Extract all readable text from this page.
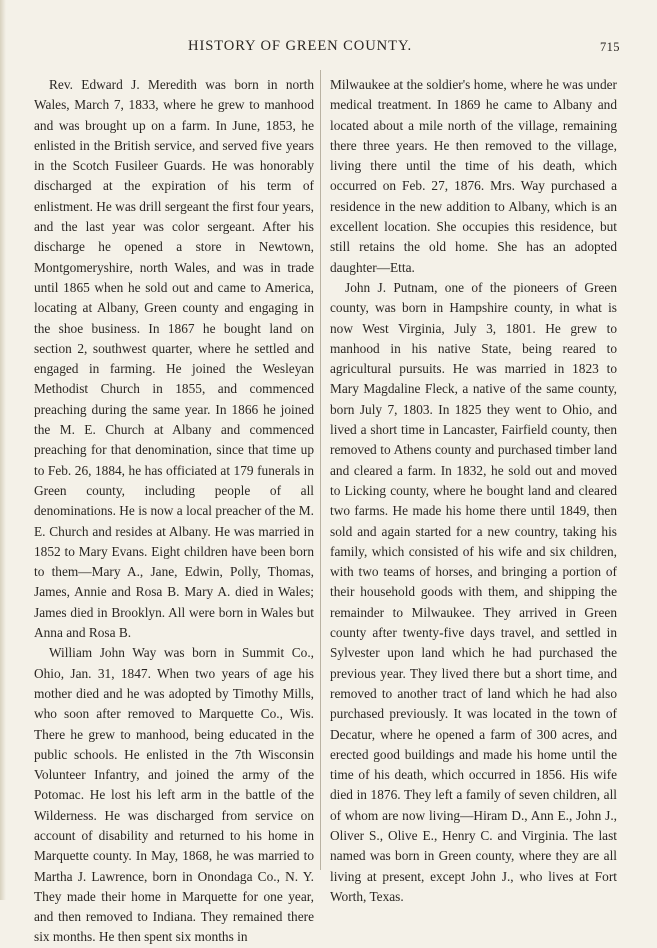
HISTORY OF GREEN COUNTY.	715

Rev. Edward J. Meredith was born in north Wales, March 7, 1833, where he grew to manhood and was brought up on a farm. In June, 1853, he enlisted in the British service, and served five years in the Scotch Fusileer Guards. He was honorably discharged at the expiration of his term of enlistment. He was drill sergeant the first four years, and the last year was color sergeant. After his discharge he opened a store in Newtown, Montgomeryshire, north Wales, and was in trade until 1865 when he sold out and came to America, locating at Albany, Green county and engaging in the shoe business. In 1867 he bought land on section 2, southwest quarter, where he settled and engaged in farming. He joined the Wesleyan Methodist Church in 1855, and commenced preaching during the same year. In 1866 he joined the M. E. Church at Albany and commenced preaching for that denomination, since that time up to Feb. 26, 1884, he has officiated at 179 funerals in Green county, including people of all denominations. He is now a local preacher of the M. E. Church and resides at Albany. He was married in 1852 to Mary Evans. Eight children have been born to them—Mary A., Jane, Edwin, Polly, Thomas, James, Annie and Rosa B. Mary A. died in Wales; James died in Brooklyn. All were born in Wales but Anna and Rosa B.

William John Way was born in Summit Co., Ohio, Jan. 31, 1847. When two years of age his mother died and he was adopted by Timothy Mills, who soon after removed to Marquette Co., Wis. There he grew to manhood, being educated in the public schools. He enlisted in the 7th Wisconsin Volunteer Infantry, and joined the army of the Potomac. He lost his left arm in the battle of the Wilderness. He was discharged from service on account of disability and returned to his home in Marquette county. In May, 1868, he was married to Martha J. Lawrence, born in Onondaga Co., N. Y. They made their home in Marquette for one year, and then removed to Indiana. They remained there six months. He then spent six months in

Milwaukee at the soldier's home, where he was under medical treatment. In 1869 he came to Albany and located about a mile north of the village, remaining there three years. He then removed to the village, living there until the time of his death, which occurred on Feb. 27, 1876. Mrs. Way purchased a residence in the new addition to Albany, which is an excellent location. She occupies this residence, but still retains the old home. She has an adopted daughter—Etta.

John J. Putnam, one of the pioneers of Green county, was born in Hampshire county, in what is now West Virginia, July 3, 1801. He grew to manhood in his native State, being reared to agricultural pursuits. He was married in 1823 to Mary Magdaline Fleck, a native of the same county, born July 7, 1803. In 1825 they went to Ohio, and lived a short time in Lancaster, Fairfield county, then removed to Athens county and purchased timber land and cleared a farm. In 1832, he sold out and moved to Licking county, where he bought land and cleared two farms. He made his home there until 1849, then sold and again started for a new country, taking his family, which consisted of his wife and six children, with two teams of horses, and bringing a portion of their household goods with them, and shipping the remainder to Milwaukee. They arrived in Green county after twenty-five days travel, and settled in Sylvester upon land which he had purchased the previous year. They lived there but a short time, and removed to another tract of land which he had also purchased previously. It was located in the town of Decatur, where he opened a farm of 300 acres, and erected good buildings and made his home until the time of his death, which occurred in 1856. His wife died in 1876. They left a family of seven children, all of whom are now living—Hiram D., Ann E., John J., Oliver S., Olive E., Henry C. and Virginia. The last named was born in Green county, where they are all living at present, except John J., who lives at Fort Worth, Texas.
